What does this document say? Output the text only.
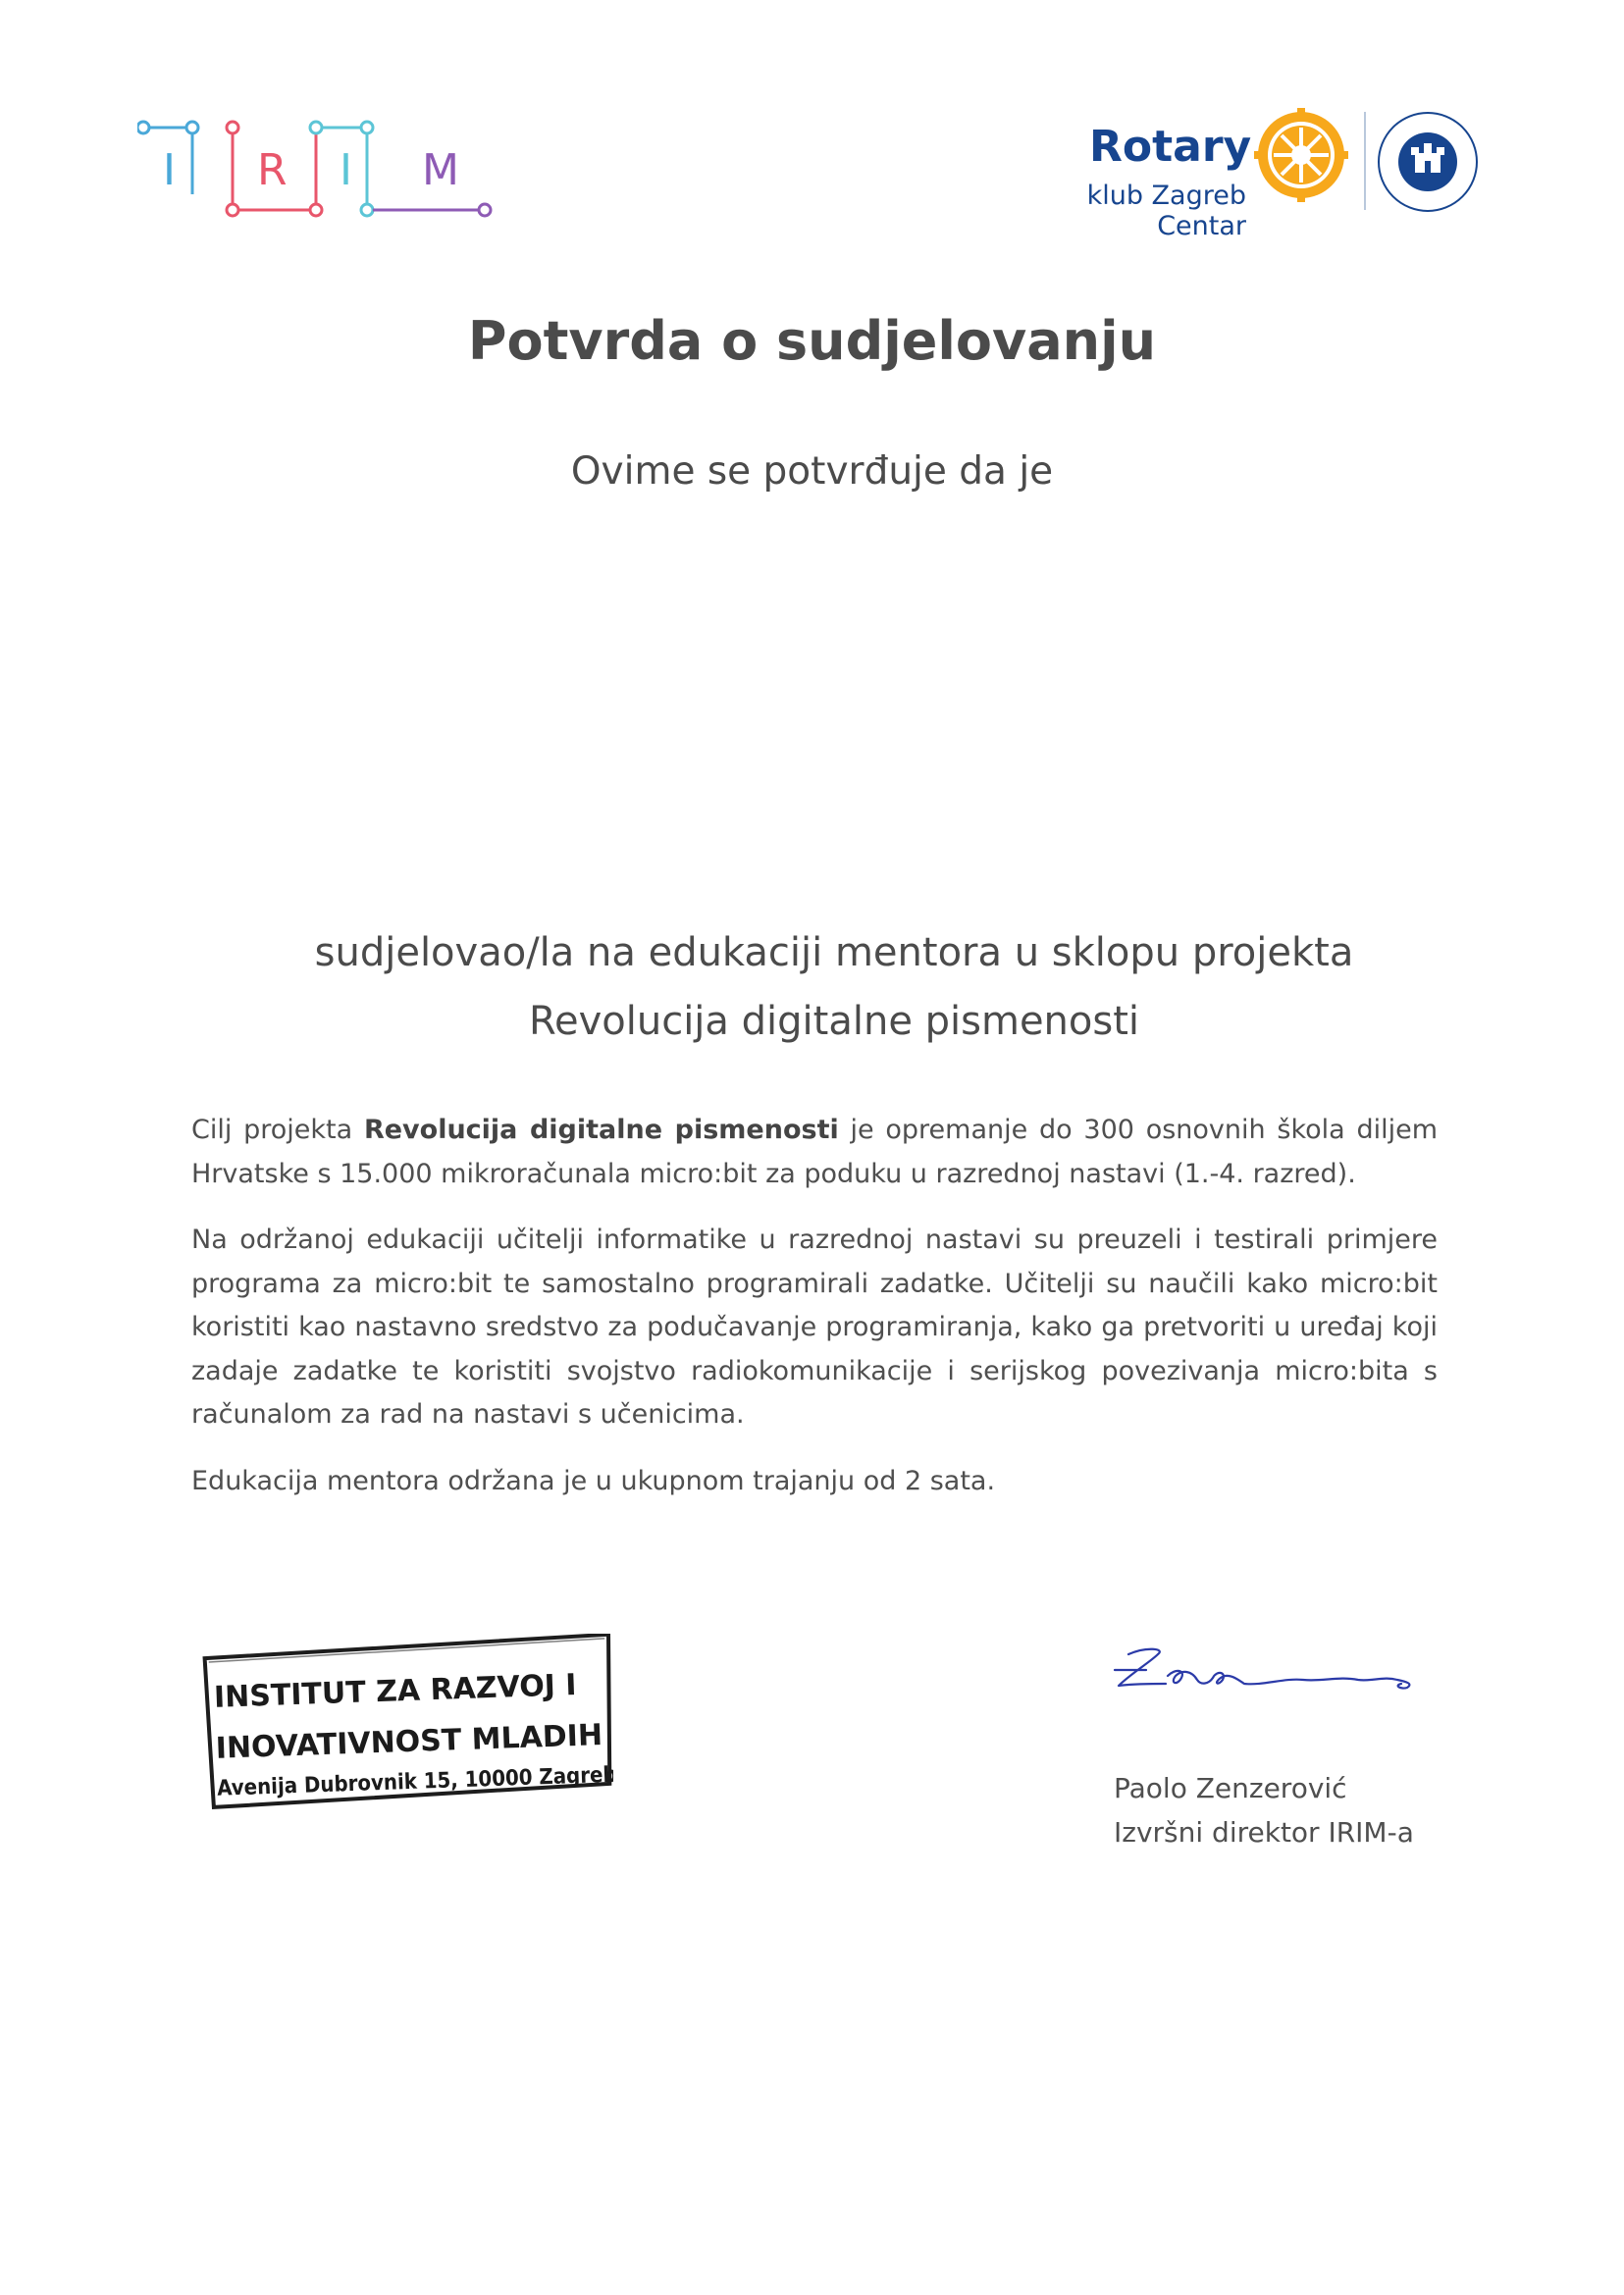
I R I M	Rotary
klub Zagreb Centar
Potvrda o sudjelovanju
Ovime se potvrđuje da je
sudjelovao/la na edukaciji mentora u sklopu projekta
Revolucija digitalne pismenosti

Cilj projekta Revolucija digitalne pismenosti je opremanje do 300 osnovnih škola diljem Hrvatske s 15.000 mikroračunala micro:bit za poduku u razrednoj nastavi (1.-4. razred).

Na održanoj edukaciji učitelji informatike u razrednoj nastavi su preuzeli i testirali primjere programa za micro:bit te samostalno programirali zadatke. Učitelji su naučili kako micro:bit koristiti kao nastavno sredstvo za podučavanje programiranja, kako ga pretvoriti u uređaj koji zadaje zadatke te koristiti svojstvo radiokomunikacije i serijskog povezivanja micro:bita s računalom za rad na nastavi s učenicima.

Edukacija mentora održana je u ukupnom trajanju od 2 sata.

INSTITUT ZA RAZVOJ I
INOVATIVNOST MLADIH
Avenija Dubrovnik 15, 10000 Zagreb	Paolo Zenzerović
Izvršni direktor IRIM-a
